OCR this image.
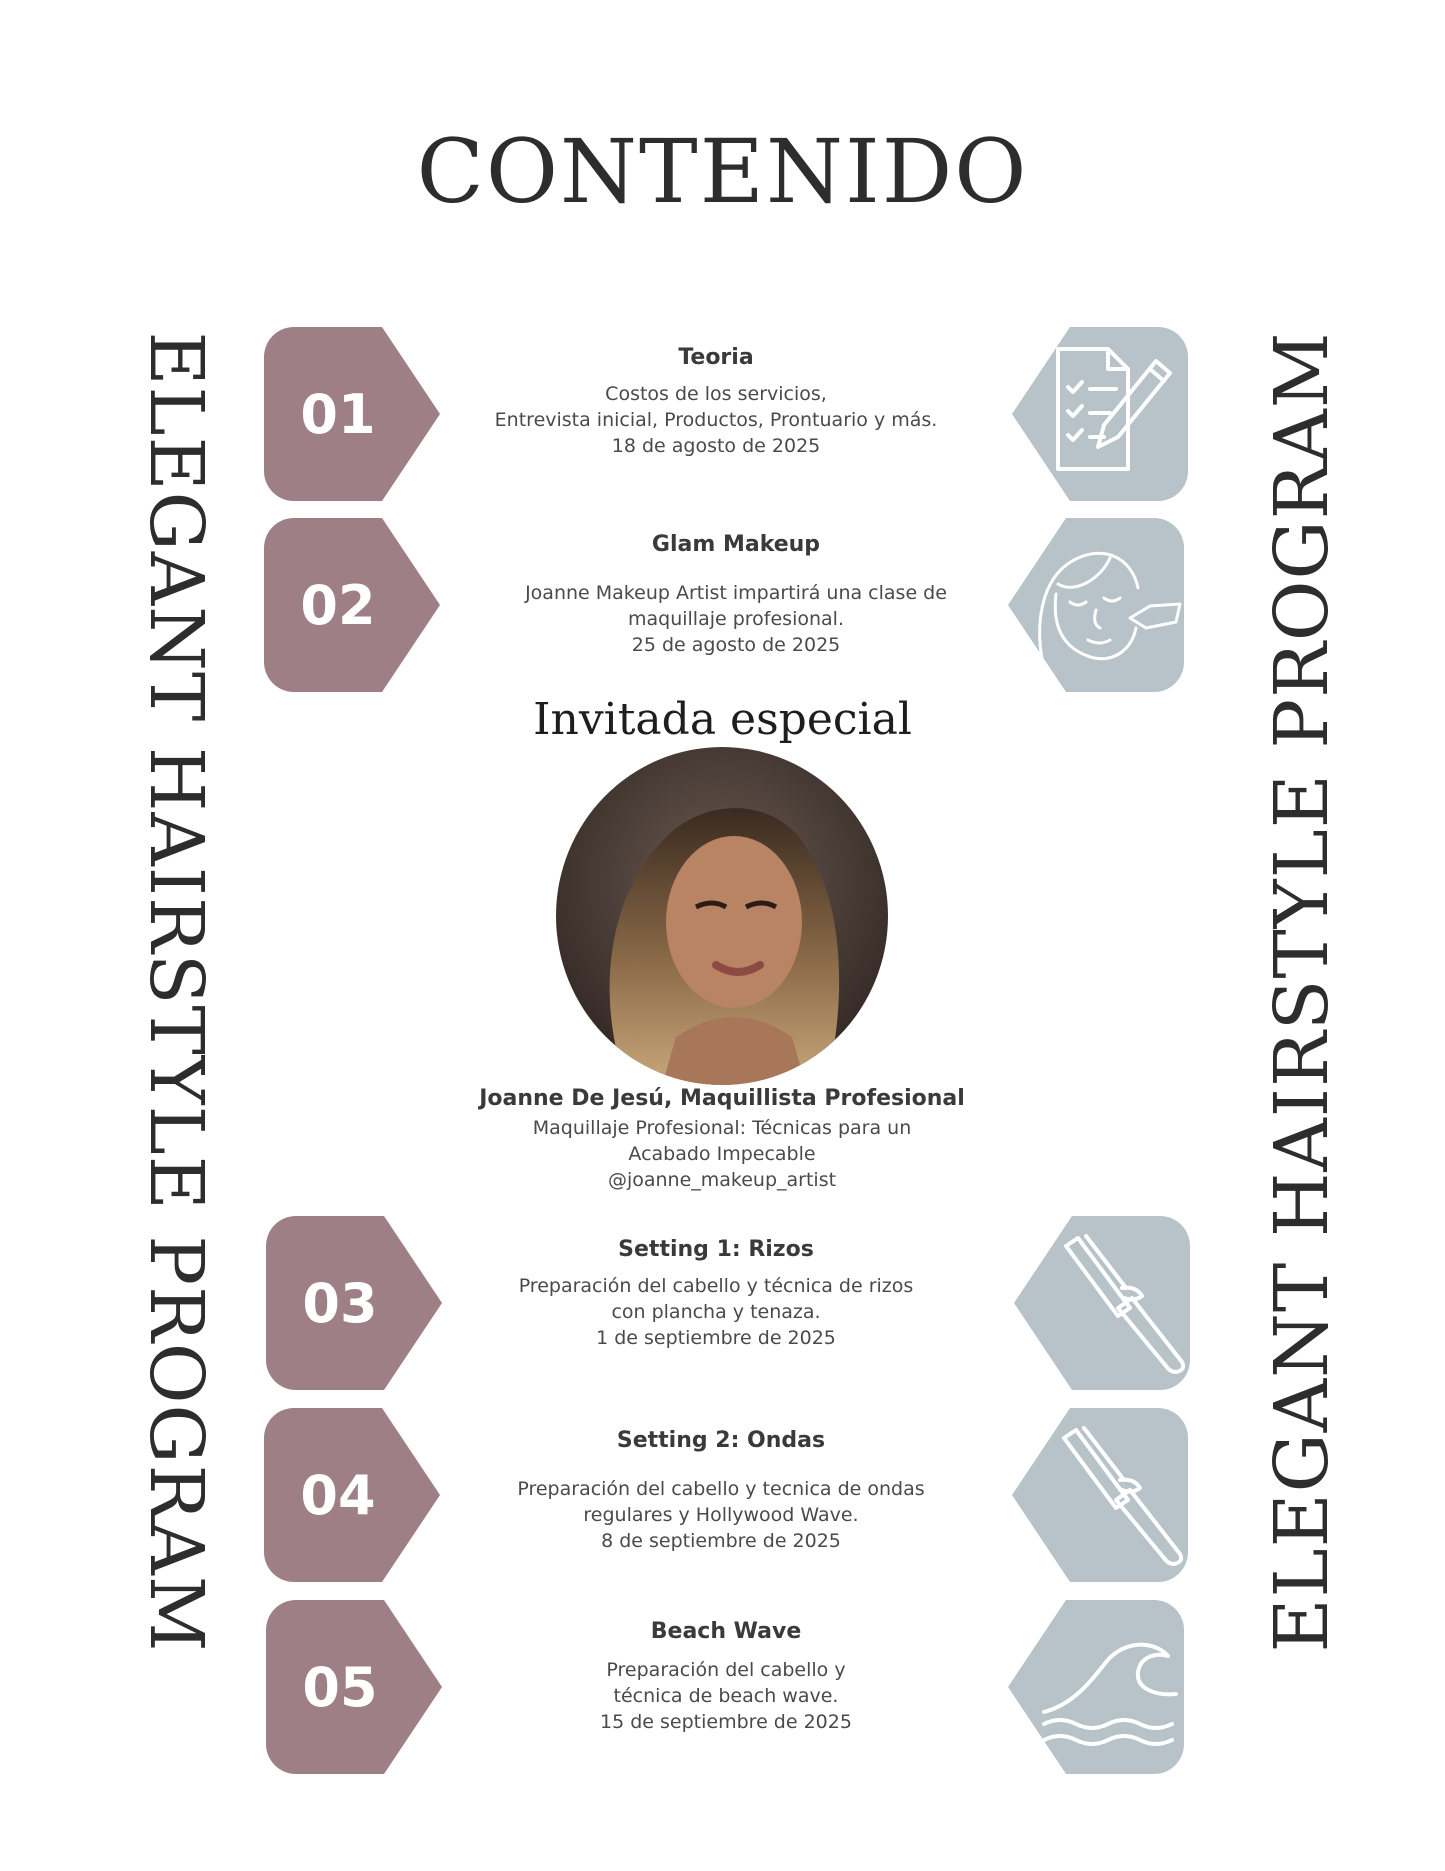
CONTENIDO
ELEGANT HAIRSTYLE PROGRAM	ELEGANT HAIRSTYLE PROGRAM
01
Teoria
Costos de los servicios,
Entrevista inicial, Productos, Prontuario y más.
18 de agosto de 2025
02
Glam Makeup
Joanne Makeup Artist impartirá una clase de
maquillaje profesional.
25 de agosto de 2025
Invitada especial
Joanne De Jesú, Maquillista Profesional
Maquillaje Profesional: Técnicas para un
Acabado Impecable
@joanne_makeup_artist
03
Setting 1: Rizos
Preparación del cabello y técnica de rizos
con plancha y tenaza.
1 de septiembre de 2025
04
Setting 2: Ondas
Preparación del cabello y tecnica de ondas
regulares y Hollywood Wave.
8 de septiembre de 2025
05
Beach Wave
Preparación del cabello y
técnica de beach wave.
15 de septiembre de 2025
